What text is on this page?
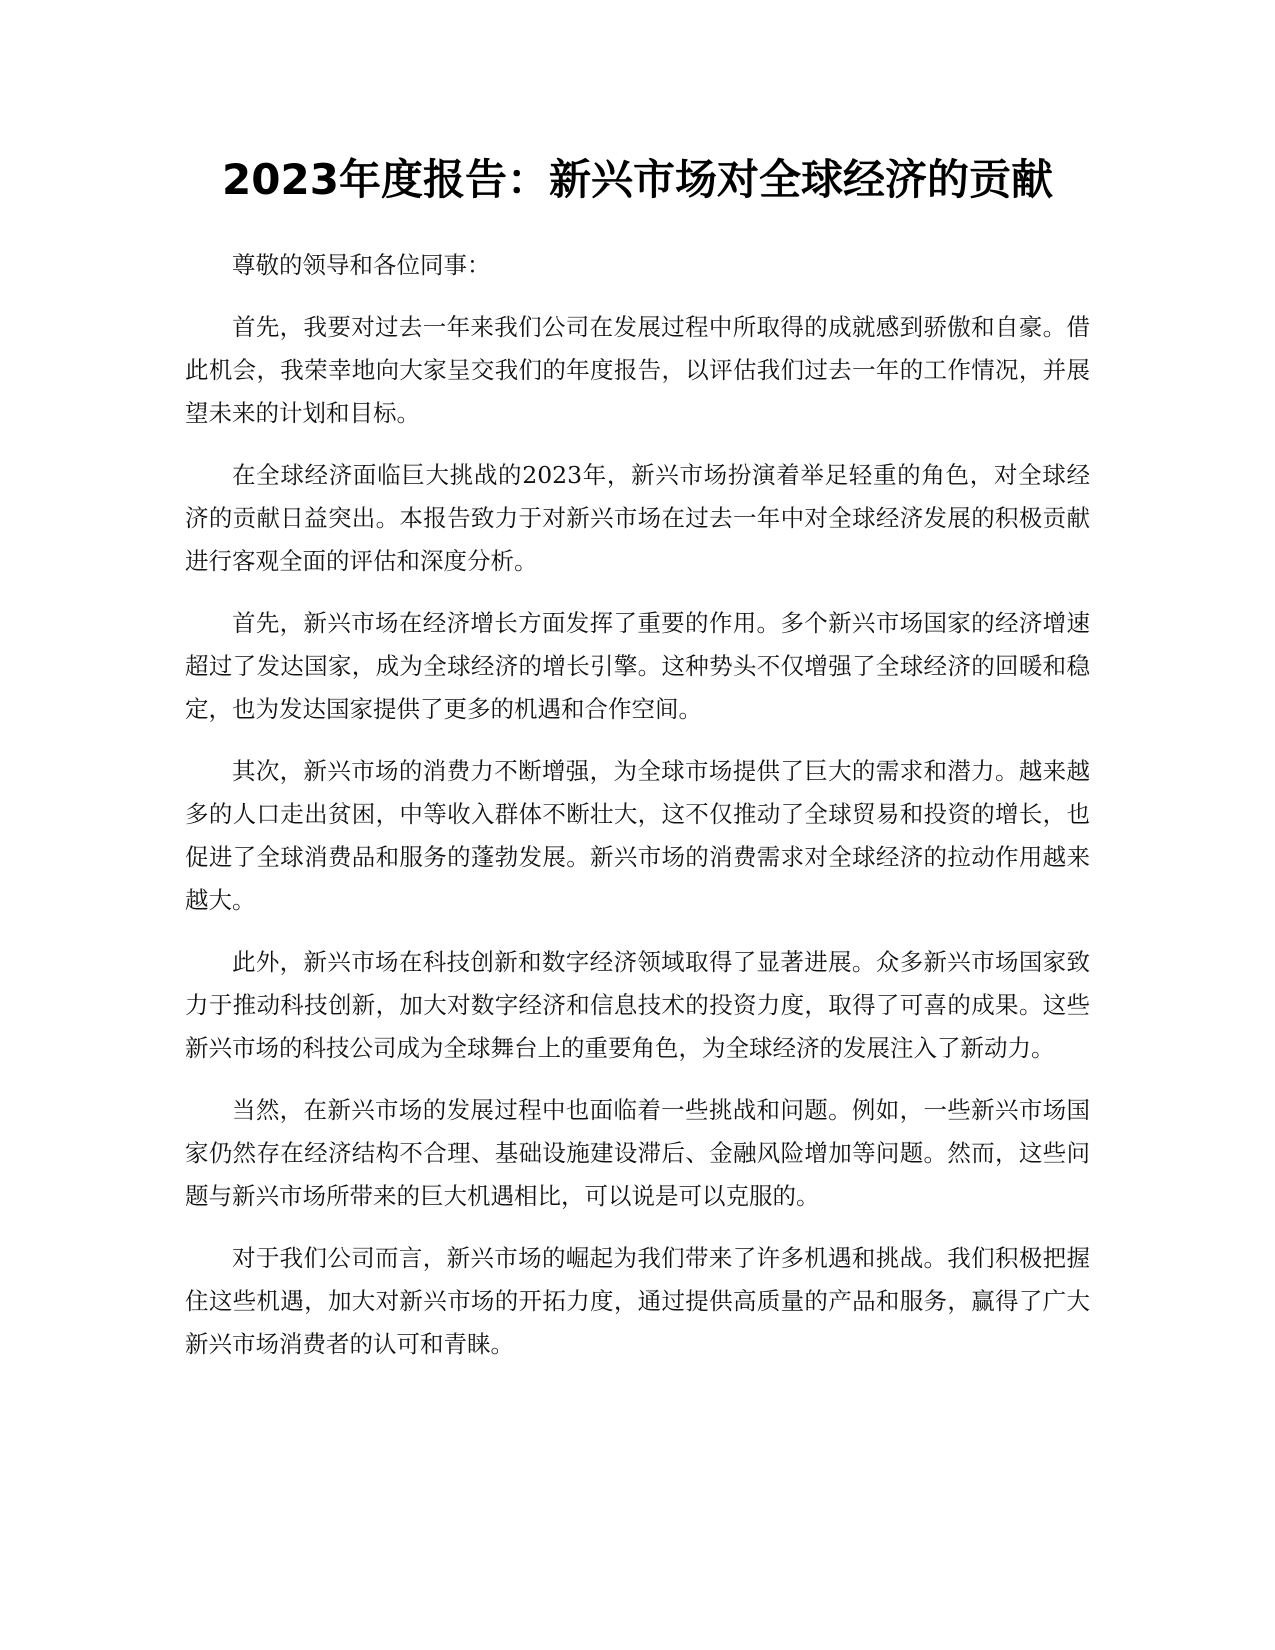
2023年度报告：新兴市场对全球经济的贡献

尊敬的领导和各位同事：

首先，我要对过去一年来我们公司在发展过程中所取得的成就感到骄傲和自豪。借此机会，我荣幸地向大家呈交我们的年度报告，以评估我们过去一年的工作情况，并展望未来的计划和目标。

在全球经济面临巨大挑战的2023年，新兴市场扮演着举足轻重的角色，对全球经济的贡献日益突出。本报告致力于对新兴市场在过去一年中对全球经济发展的积极贡献进行客观全面的评估和深度分析。

首先，新兴市场在经济增长方面发挥了重要的作用。多个新兴市场国家的经济增速超过了发达国家，成为全球经济的增长引擎。这种势头不仅增强了全球经济的回暖和稳定，也为发达国家提供了更多的机遇和合作空间。

其次，新兴市场的消费力不断增强，为全球市场提供了巨大的需求和潜力。越来越多的人口走出贫困，中等收入群体不断壮大，这不仅推动了全球贸易和投资的增长，也促进了全球消费品和服务的蓬勃发展。新兴市场的消费需求对全球经济的拉动作用越来越大。

此外，新兴市场在科技创新和数字经济领域取得了显著进展。众多新兴市场国家致力于推动科技创新，加大对数字经济和信息技术的投资力度，取得了可喜的成果。这些新兴市场的科技公司成为全球舞台上的重要角色，为全球经济的发展注入了新动力。

当然，在新兴市场的发展过程中也面临着一些挑战和问题。例如，一些新兴市场国家仍然存在经济结构不合理、基础设施建设滞后、金融风险增加等问题。然而，这些问题与新兴市场所带来的巨大机遇相比，可以说是可以克服的。

对于我们公司而言，新兴市场的崛起为我们带来了许多机遇和挑战。我们积极把握住这些机遇，加大对新兴市场的开拓力度，通过提供高质量的产品和服务，赢得了广大新兴市场消费者的认可和青睐。
